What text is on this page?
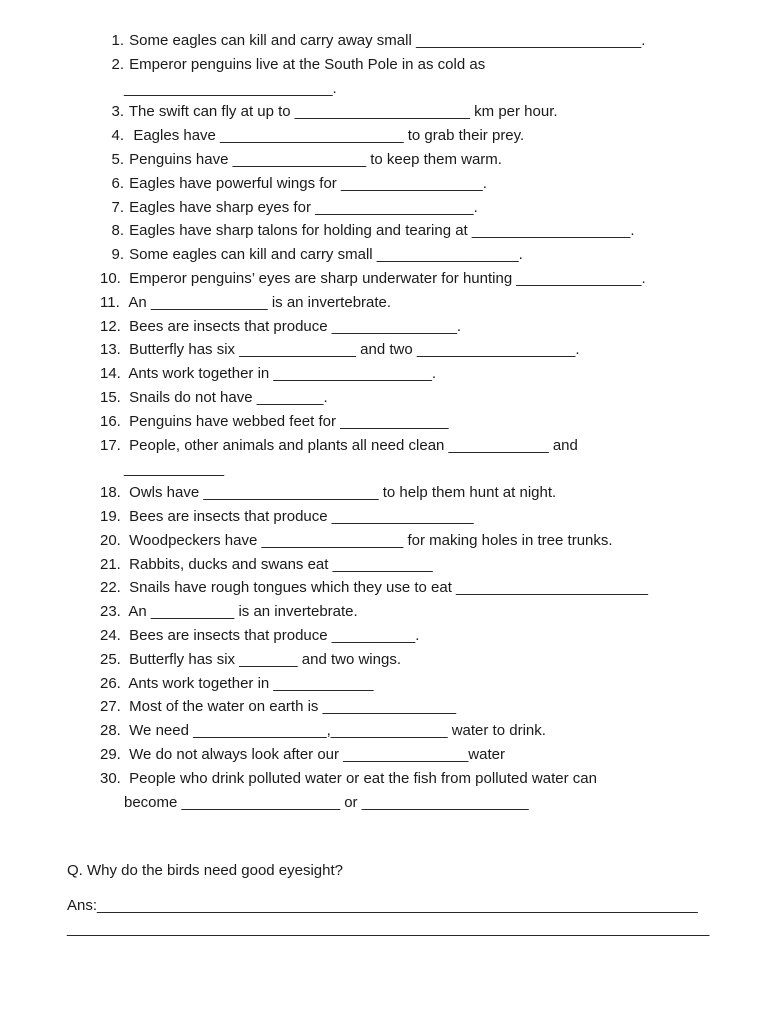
1. Some eagles can kill and carry away small ___________________________.
2. Emperor penguins live at the South Pole in as cold as
_________________________.
3. The swift can fly at up to _____________________ km per hour.
4. Eagles have ______________________ to grab their prey.
5. Penguins have ________________ to keep them warm.
6. Eagles have powerful wings for _________________.
7. Eagles have sharp eyes for ___________________.
8. Eagles have sharp talons for holding and tearing at ___________________.
9. Some eagles can kill and carry small _________________.
10. Emperor penguins’ eyes are sharp underwater for hunting _______________.
11. An ______________ is an invertebrate.
12. Bees are insects that produce _______________.
13. Butterfly has six ______________ and two ___________________.
14. Ants work together in ___________________.
15. Snails do not have ________.
16. Penguins have webbed feet for _____________
17. People, other animals and plants all need clean ____________ and
____________
18. Owls have _____________________ to help them hunt at night.
19. Bees are insects that produce _________________
20. Woodpeckers have _________________ for making holes in tree trunks.
21. Rabbits, ducks and swans eat ____________
22. Snails have rough tongues which they use to eat _______________________
23. An __________ is an invertebrate.
24. Bees are insects that produce __________.
25. Butterfly has six _______ and two wings.
26. Ants work together in ____________
27. Most of the water on earth is ________________
28. We need ________________,______________ water to drink.
29. We do not always look after our _______________water
30. People who drink polluted water or eat the fish from polluted water can
become ___________________ or ____________________
Q. Why do the birds need good eyesight?
Ans:________________________________________________________________________
_____________________________________________________________________________
